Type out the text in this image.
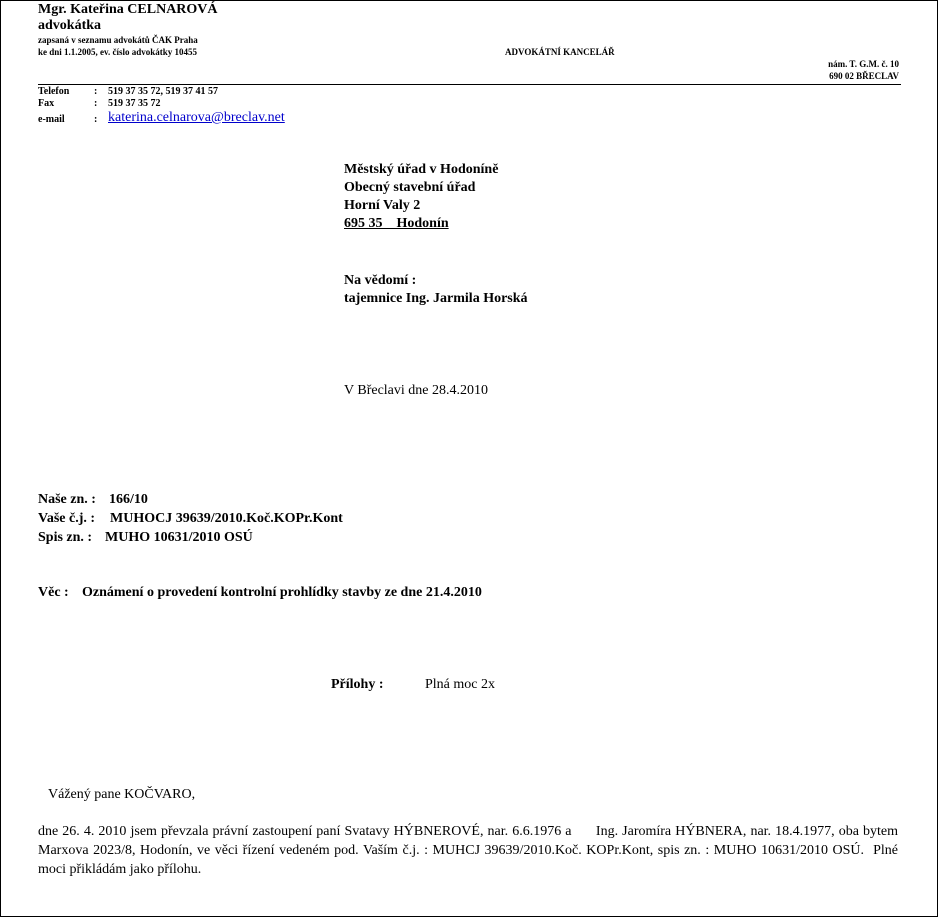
Mgr. Kateřina CELNAROVÁ
advokátka
zapsaná v seznamu advokátů ČAK Praha
ke dni 1.1.2005, ev. číslo advokátky 10455	ADVOKÁTNÍ KANCELÁŘ
nám. T. G.M. č. 10
690 02 BŘECLAV
Telefon : 519 37 35 72, 519 37 41 57
Fax	: 519 37 35 72
e-mail	: katerina.celnarova@breclav.net
Městský úřad v Hodoníně
Obecný stavební úřad
Horní Valy 2
695 35    Hodonín
Na vědomí :
tajemnice Ing. Jarmila Horská
V Břeclavi dne 28.4.2010
Naše zn. : 166/10
Vaše č.j. : MUHOCJ 39639/2010.Koč.KOPr.Kont
Spis zn. : MUHO 10631/2010 OSÚ
Věc : Oznámení o provedení kontrolní prohlídky stavby ze dne 21.4.2010
Přílohy :	Plná moc 2x
Vážený pane KOČVARO,
dne 26. 4. 2010 jsem převzala právní zastoupení paní Svatavy HÝBNEROVÉ, nar. 6.6.1976 a      Ing. Jaromíra HÝBNERA, nar. 18.4.1977, oba bytem Marxova 2023/8, Hodonín, ve věci řízení vedeném pod. Vaším č.j. : MUHCJ 39639/2010.Koč. KOPr.Kont, spis zn. : MUHO 10631/2010 OSÚ.  Plné moci přikládám jako přílohu.
